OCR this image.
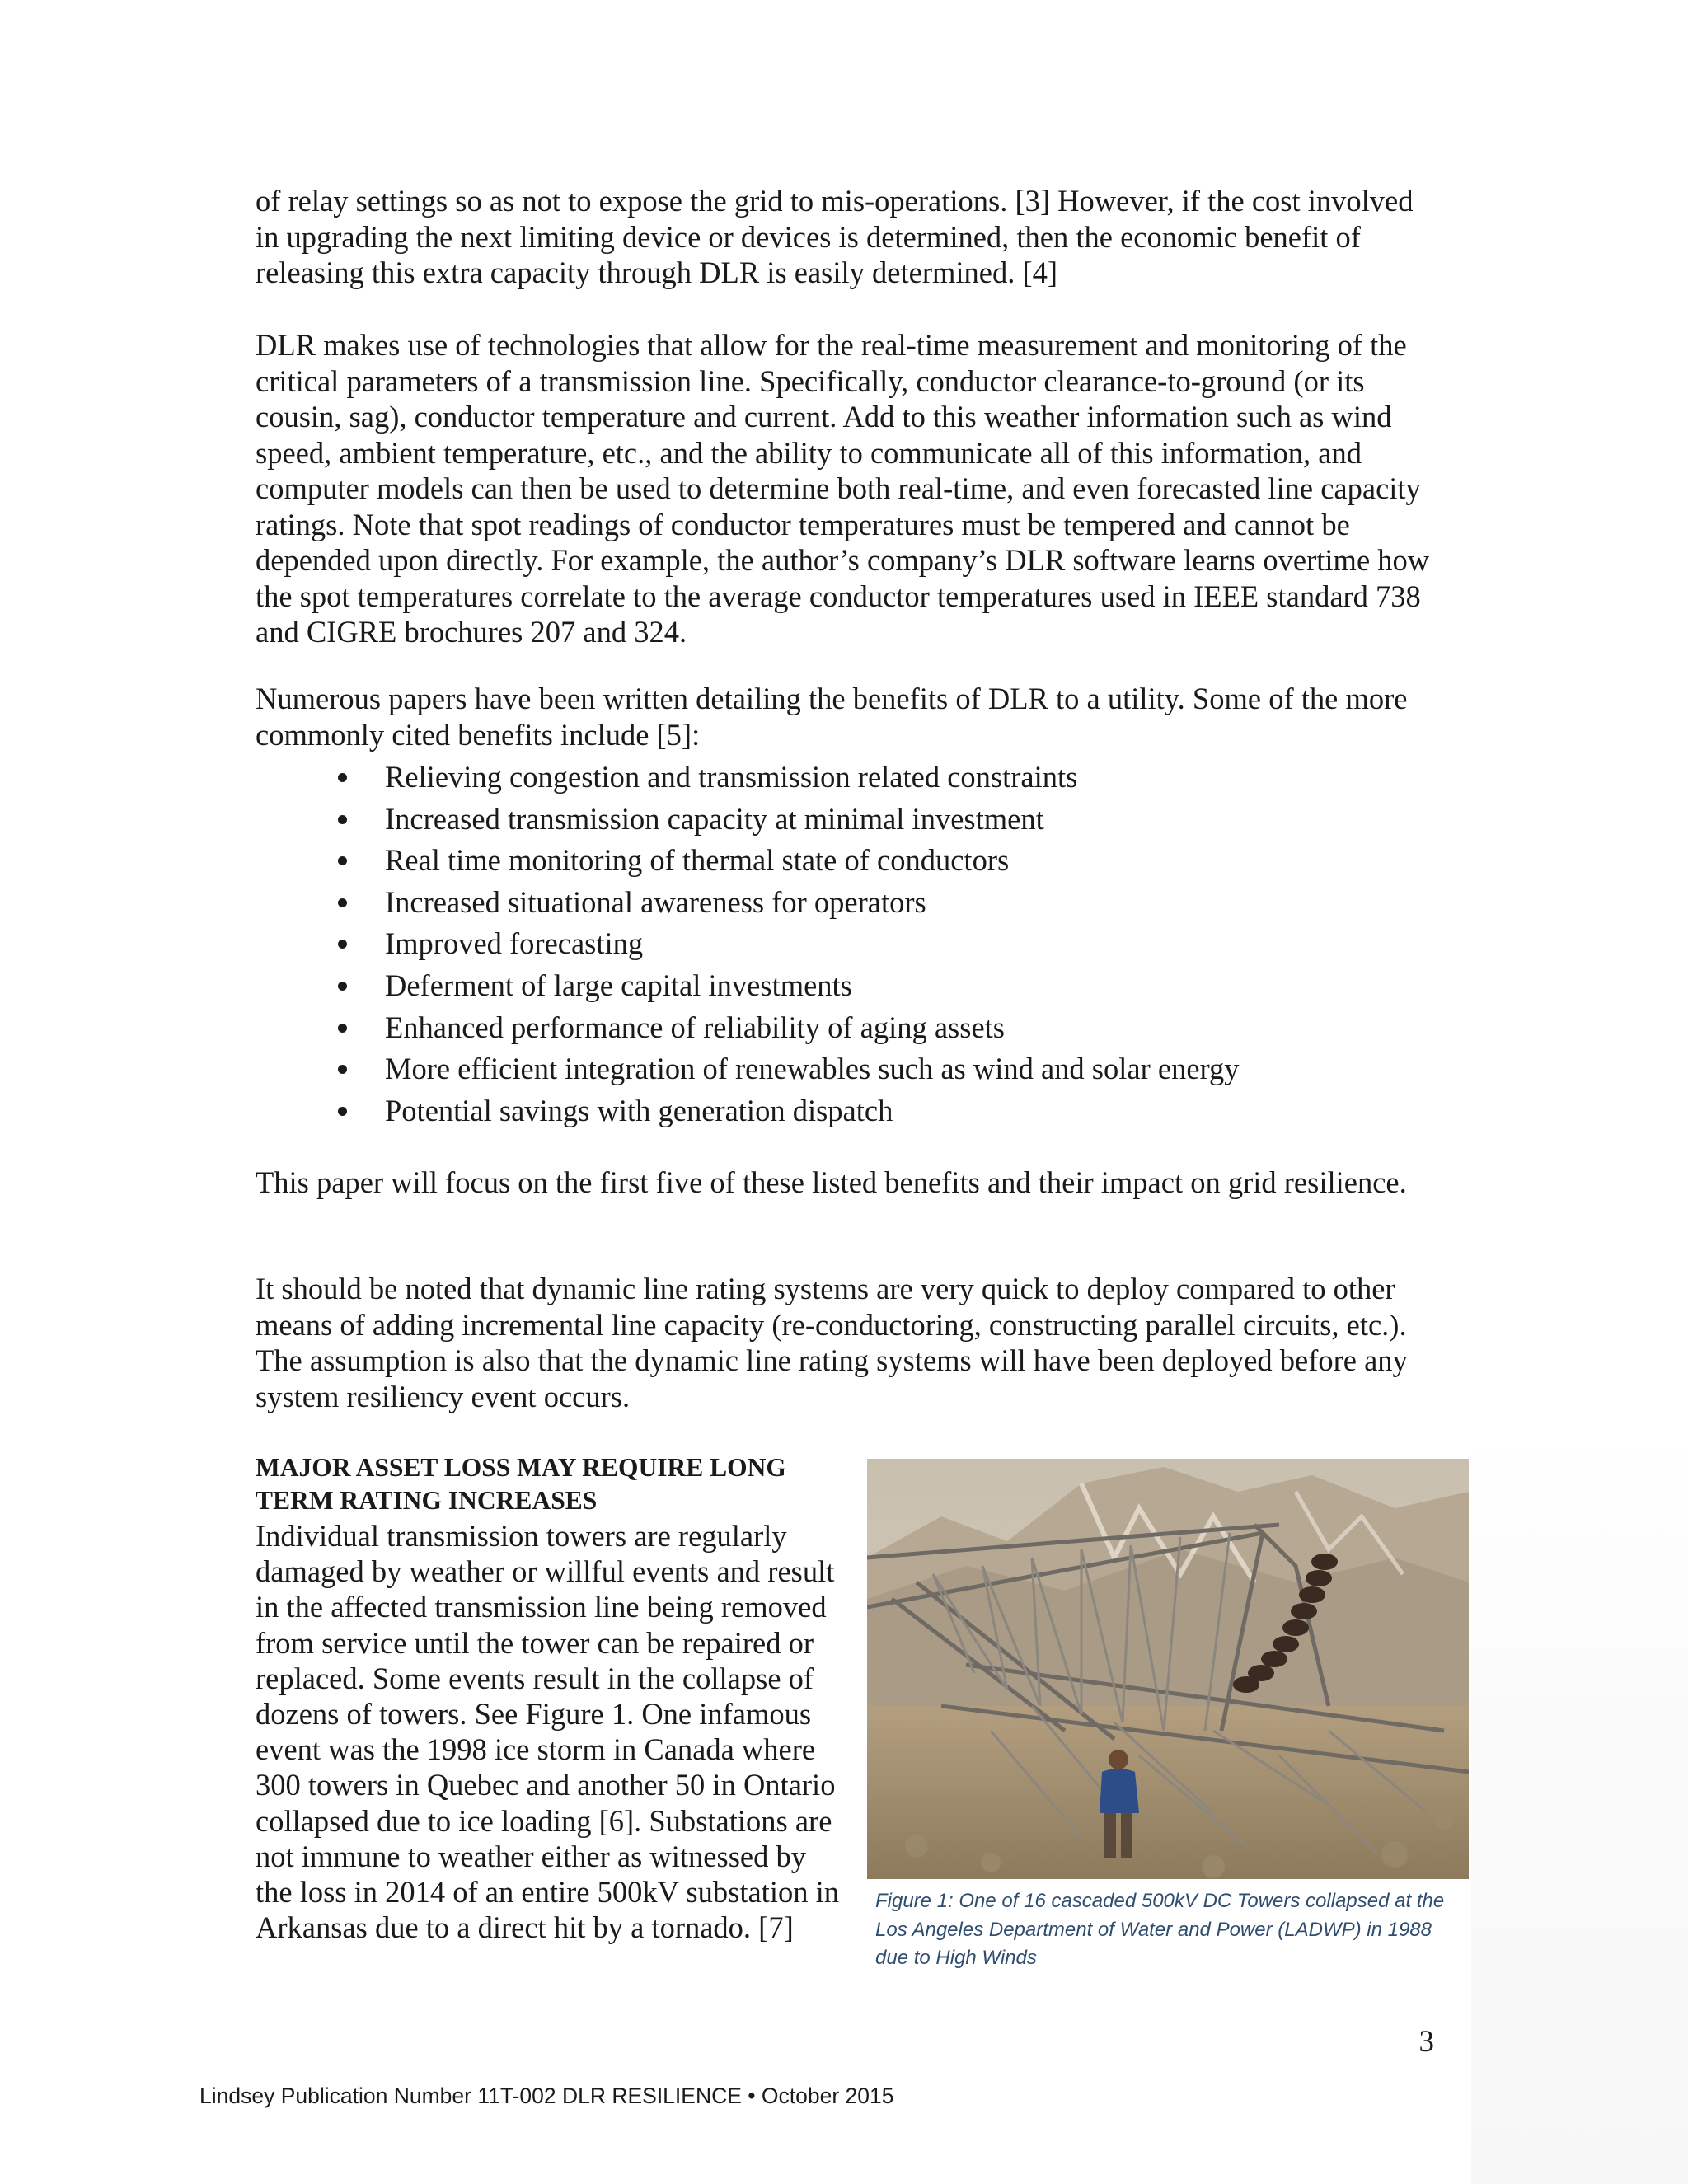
of relay settings so as not to expose the grid to mis-operations. [3] However, if the cost involved in upgrading the next limiting device or devices is determined, then the economic benefit of releasing this extra capacity through DLR is easily determined. [4]

DLR makes use of technologies that allow for the real-time measurement and monitoring of the critical parameters of a transmission line. Specifically, conductor clearance-to-ground (or its cousin, sag), conductor temperature and current. Add to this weather information such as wind speed, ambient temperature, etc., and the ability to communicate all of this information, and computer models can then be used to determine both real-time, and even forecasted line capacity ratings. Note that spot readings of conductor temperatures must be tempered and cannot be depended upon directly. For example, the author’s company’s DLR software learns overtime how the spot temperatures correlate to the average conductor temperatures used in IEEE standard 738 and CIGRE brochures 207 and 324.

Numerous papers have been written detailing the benefits of DLR to a utility. Some of the more commonly cited benefits include [5]:

Relieving congestion and transmission related constraints
Increased transmission capacity at minimal investment
Real time monitoring of thermal state of conductors
Increased situational awareness for operators
Improved forecasting
Deferment of large capital investments
Enhanced performance of reliability of aging assets
More efficient integration of renewables such as wind and solar energy
Potential savings with generation dispatch

This paper will focus on the first five of these listed benefits and their impact on grid resilience.

It should be noted that dynamic line rating systems are very quick to deploy compared to other means of adding incremental line capacity (re-conductoring, constructing parallel circuits, etc.). The assumption is also that the dynamic line rating systems will have been deployed before any system resiliency event occurs.

MAJOR ASSET LOSS MAY REQUIRE LONG TERM RATING INCREASES

Individual transmission towers are regularly damaged by weather or willful events and result in the affected transmission line being removed from service until the tower can be repaired or replaced. Some events result in the collapse of dozens of towers. See Figure 1. One infamous event was the 1998 ice storm in Canada where 300 towers in Quebec and another 50 in Ontario collapsed due to ice loading [6]. Substations are not immune to weather either as witnessed by the loss in 2014 of an entire 500kV substation in Arkansas due to a direct hit by a tornado. [7]

Figure 1: One of 16 cascaded 500kV DC Towers collapsed at the Los Angeles Department of Water and Power (LADWP) in 1988 due to High Winds

3
Lindsey Publication Number 11T-002 DLR RESILIENCE • October 2015
